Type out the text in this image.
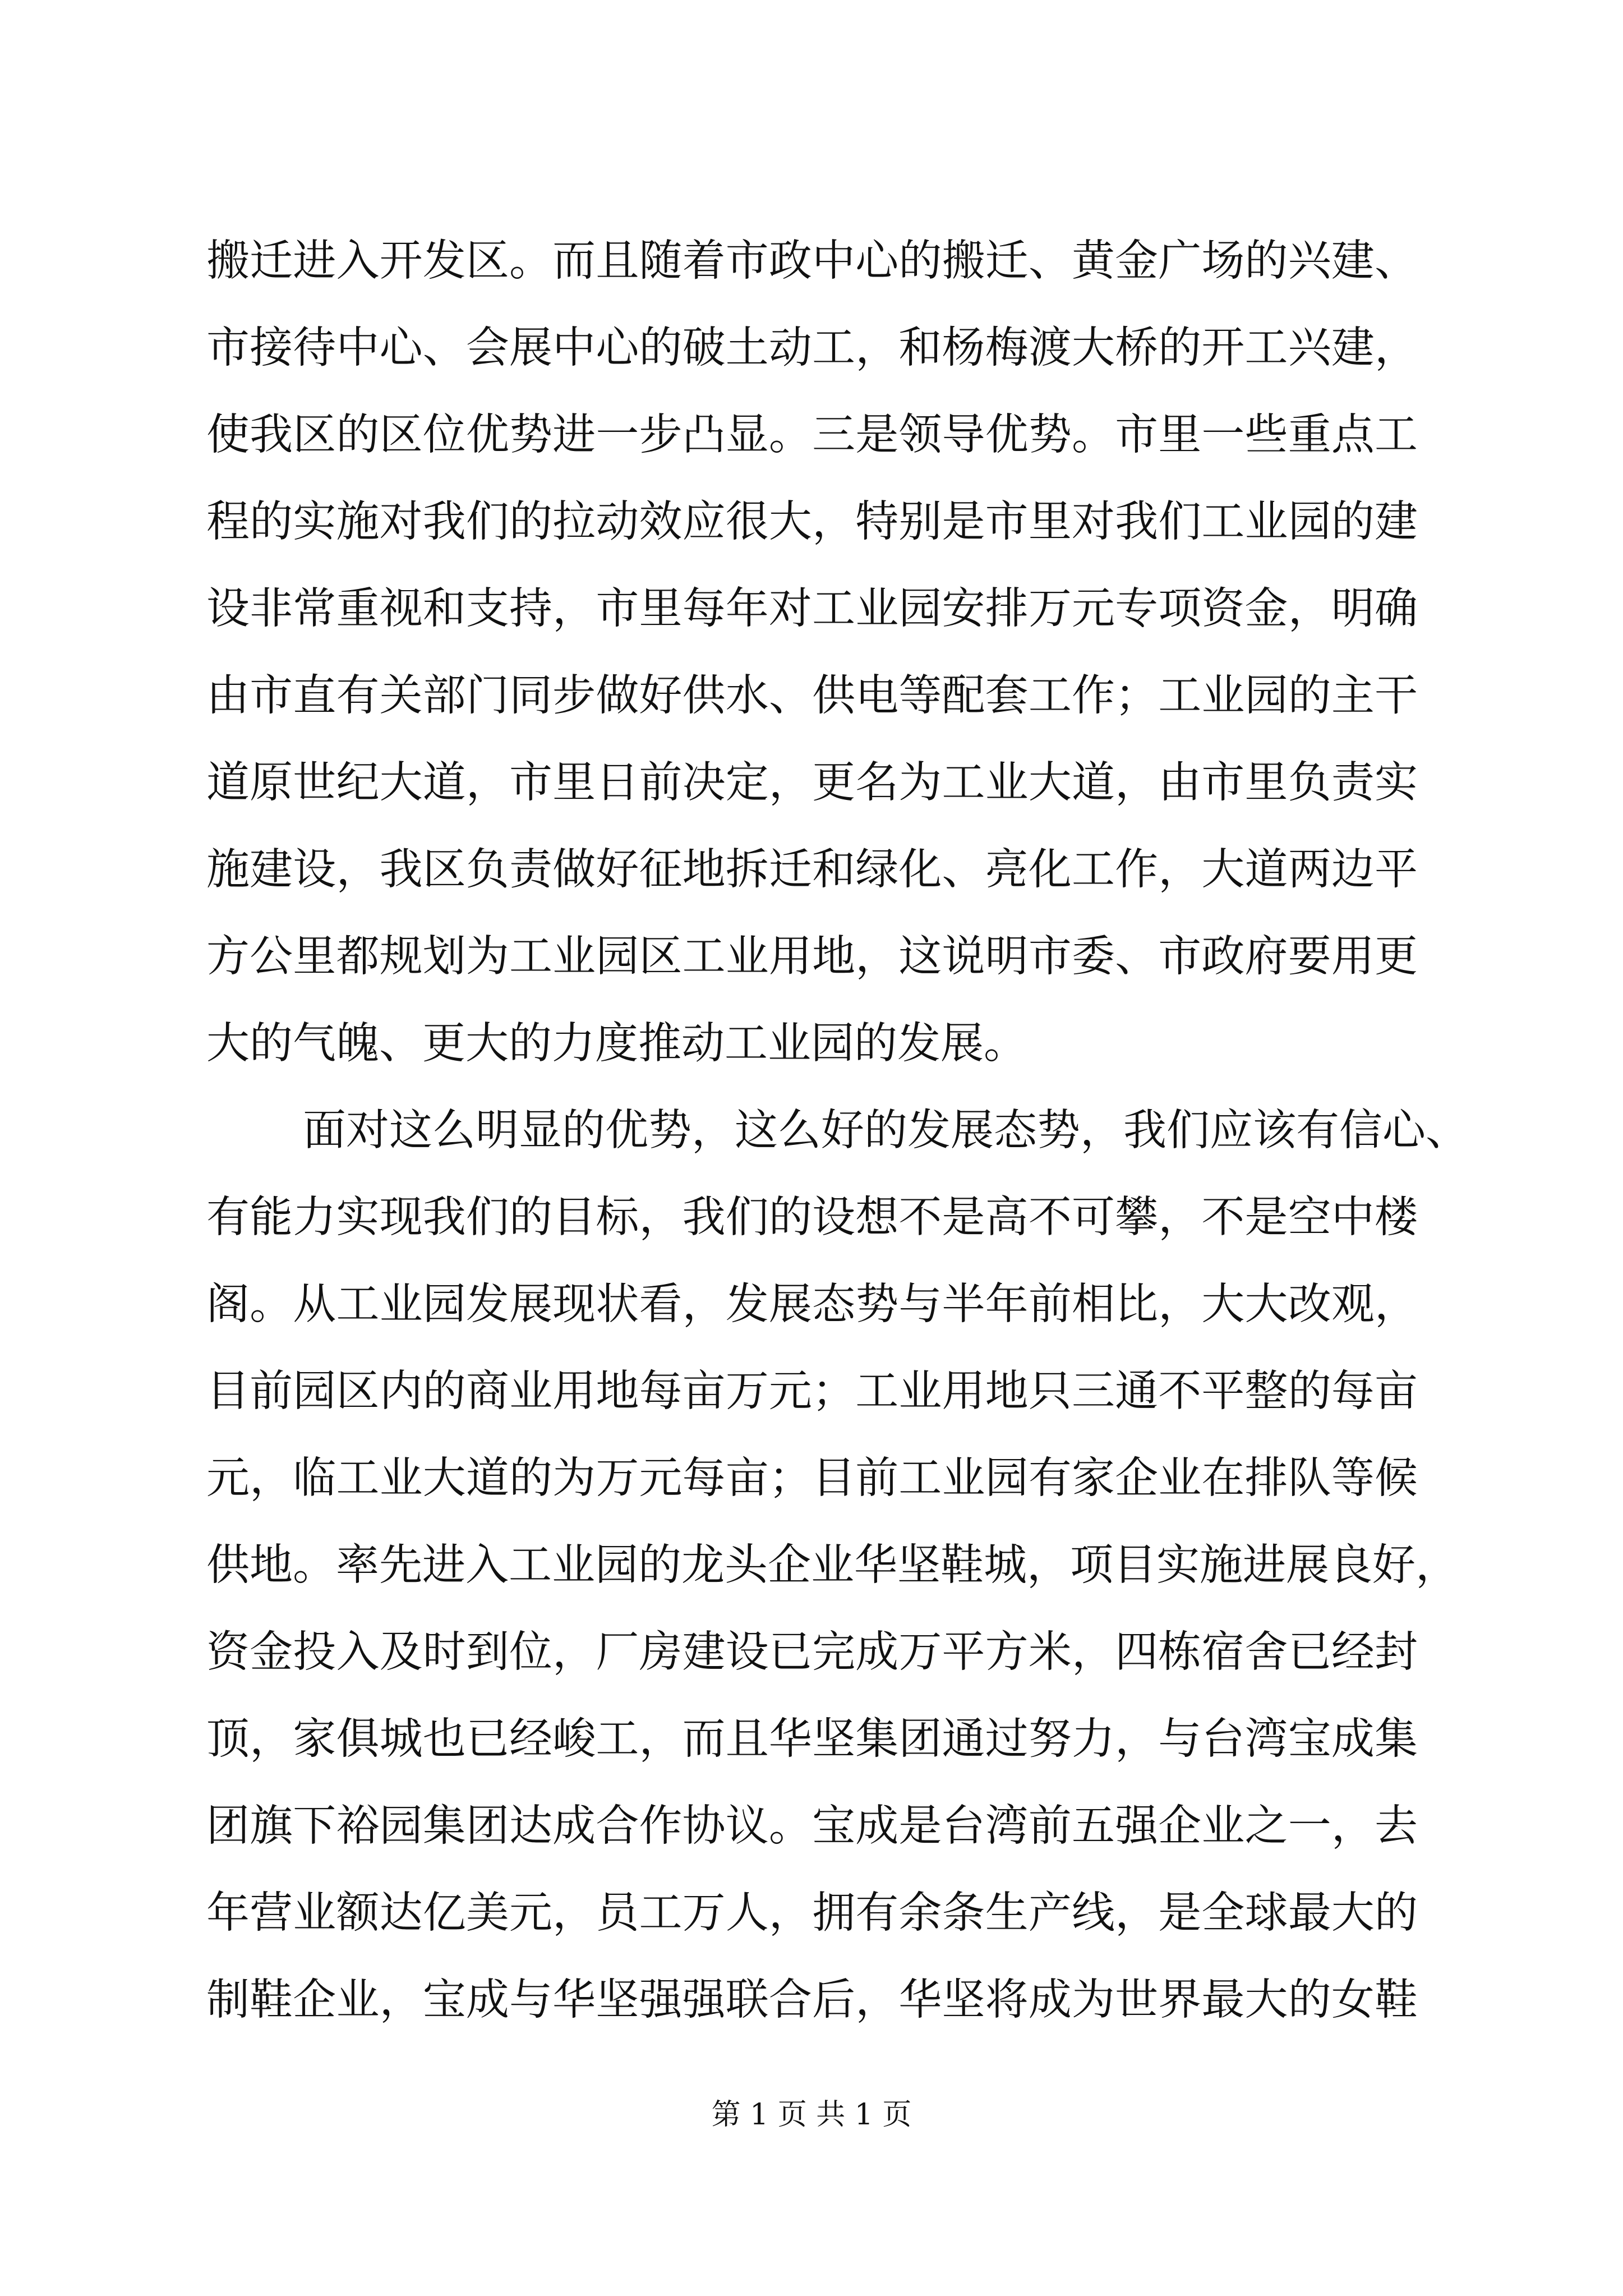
搬迁进入开发区。而且随着市政中心的搬迁、黄金广场的兴建、
市接待中心、会展中心的破土动工，和杨梅渡大桥的开工兴建，
使我区的区位优势进一步凸显。三是领导优势。市里一些重点工
程的实施对我们的拉动效应很大，特别是市里对我们工业园的建
设非常重视和支持，市里每年对工业园安排万元专项资金，明确
由市直有关部门同步做好供水、供电等配套工作；工业园的主干
道原世纪大道，市里日前决定，更名为工业大道，由市里负责实
施建设，我区负责做好征地拆迁和绿化、亮化工作，大道两边平
方公里都规划为工业园区工业用地，这说明市委、市政府要用更
大的气魄、更大的力度推动工业园的发展。
面对这么明显的优势，这么好的发展态势，我们应该有信心、
有能力实现我们的目标，我们的设想不是高不可攀，不是空中楼
阁。从工业园发展现状看，发展态势与半年前相比，大大改观，
目前园区内的商业用地每亩万元；工业用地只三通不平整的每亩
元，临工业大道的为万元每亩；目前工业园有家企业在排队等候
供地。率先进入工业园的龙头企业华坚鞋城，项目实施进展良好，
资金投入及时到位，厂房建设已完成万平方米，四栋宿舍已经封
顶，家俱城也已经峻工，而且华坚集团通过努力，与台湾宝成集
团旗下裕园集团达成合作协议。宝成是台湾前五强企业之一，去
年营业额达亿美元，员工万人，拥有余条生产线，是全球最大的
制鞋企业，宝成与华坚强强联合后，华坚将成为世界最大的女鞋
第 1 页 共 1 页
